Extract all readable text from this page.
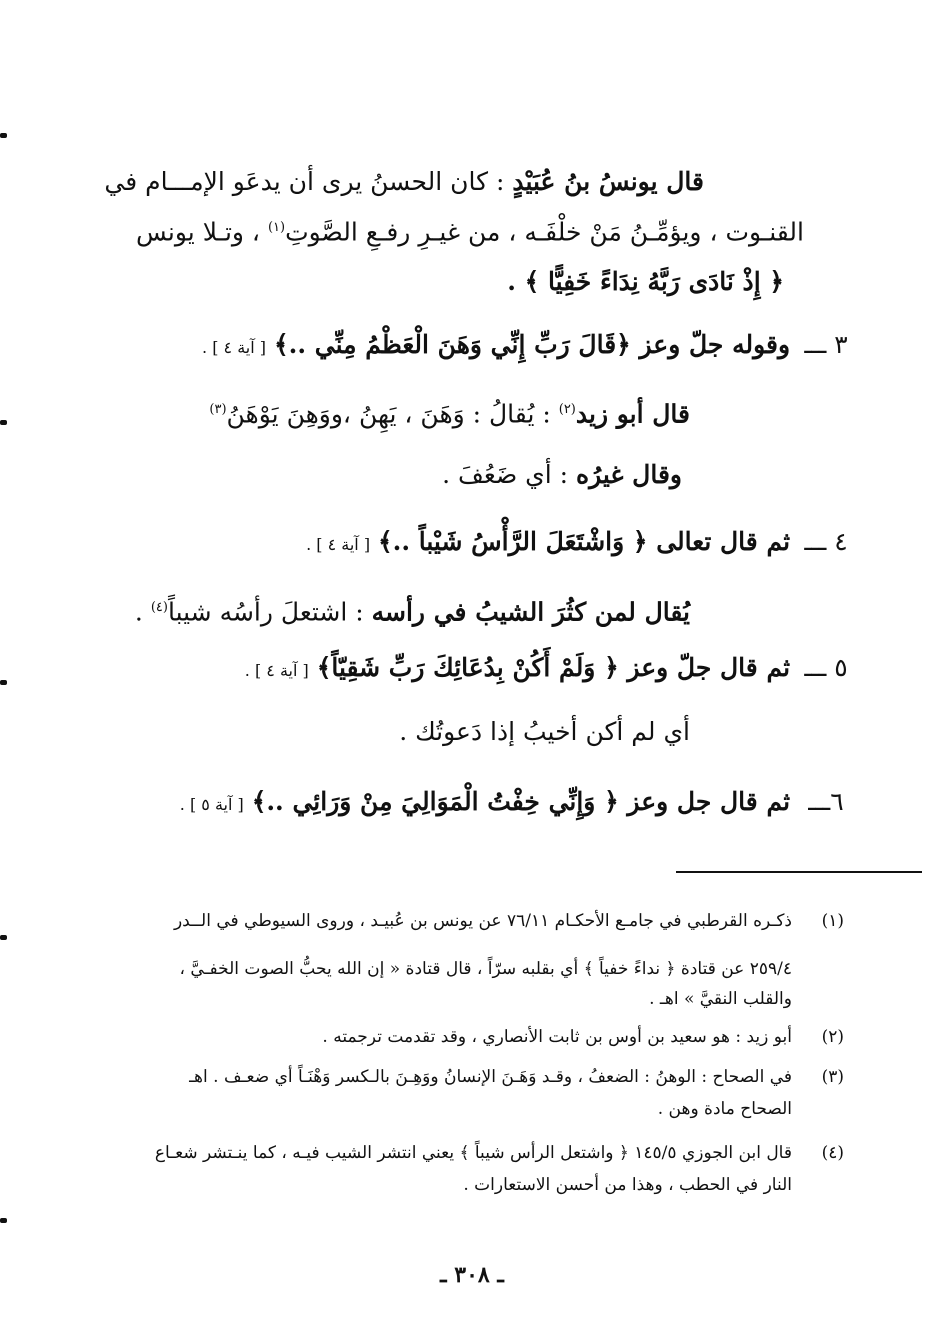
قال يونسُ بنُ عُبَيْدٍ : كان الحسنُ يرى أن يدعَو الإمـــام في
القنـوت ، ويؤمِّـنُ مَنْ خلْفَـه ، من غيـرِ رفـعِ الصَّوتِ$^{(١)}$ ، وتـلا يونس
﴿ إِذْ نَادَى رَبَّهُ نِدَاءً خَفِيًّا ﴾ .
٣ ـــ وقوله جلّ وعز ﴿قَالَ رَبِّ إِنِّي وَهَنَ الْعَظْمُ مِنِّي ..﴾ [ آية ٤ ] .
قال أبو زيد$^{(٢)}$ : يُقالُ : وَهَنَ ، يَهِنُ ،ووَهِنَ يَوْهَنُ$^{(٣)}$
وقال غيرُه : أي ضَعُفَ .
٤ ـــ ثم قال تعالى ﴿ وَاشْتَعَلَ الرَّأْسُ شَيْباً ..﴾ [ آية ٤ ] .
يُقال لمن كثُرَ الشيبُ في رأسه : اشتعلَ رأسُه شيباً$^{(٤)}$ .
٥ ـــ ثم قال جلّ وعز ﴿ وَلَمْ أَكُنْ بِدُعَائِكَ رَبِّ شَقِيّاً﴾ [ آية ٤ ] .
أي لم أكن أخيبُ إذا دَعوتُك .
٦ـــ ثم قال جل وعز ﴿ وَإِنِّي خِفْتُ الْمَوَالِيَ مِنْ وَرَائِي ..﴾ [ آية ٥ ] .
(١)
ذكـره القرطبي في جامـع الأحكـام ٧٦/١١ عن يونس بن عُبيـد ، وروى السيوطي في الــدر
٢٥٩/٤ عن قتادة ﴿ نداءً خفياً ﴾ أي بقلبه سرّاً ، قال قتادة « إن الله يحبُّ الصوت الخفـيَّ ،
والقلب النقيَّ » اهـ .
(٢)
أبو زيد : هو سعيد بن أوس بن ثابت الأنصاري ، وقد تقدمت ترجمته .
(٣)
في الصحاح : الوهنُ : الضعفُ ، وقـد وَهَـنَ الإنسانُ ووَهِـنَ بالـكسر وَهْنَـاً أي ضعـف . اهـ
الصحاح مادة وهن .
(٤)
قال ابن الجوزي ١٤٥/٥ ﴿ واشتعل الرأس شيباً ﴾ يعني انتشر الشيب فيـه ، كما ينـتشر شعـاع
النار في الحطب ، وهذا من أحسن الاستعارات .
ـ ٣٠٨ ـ
